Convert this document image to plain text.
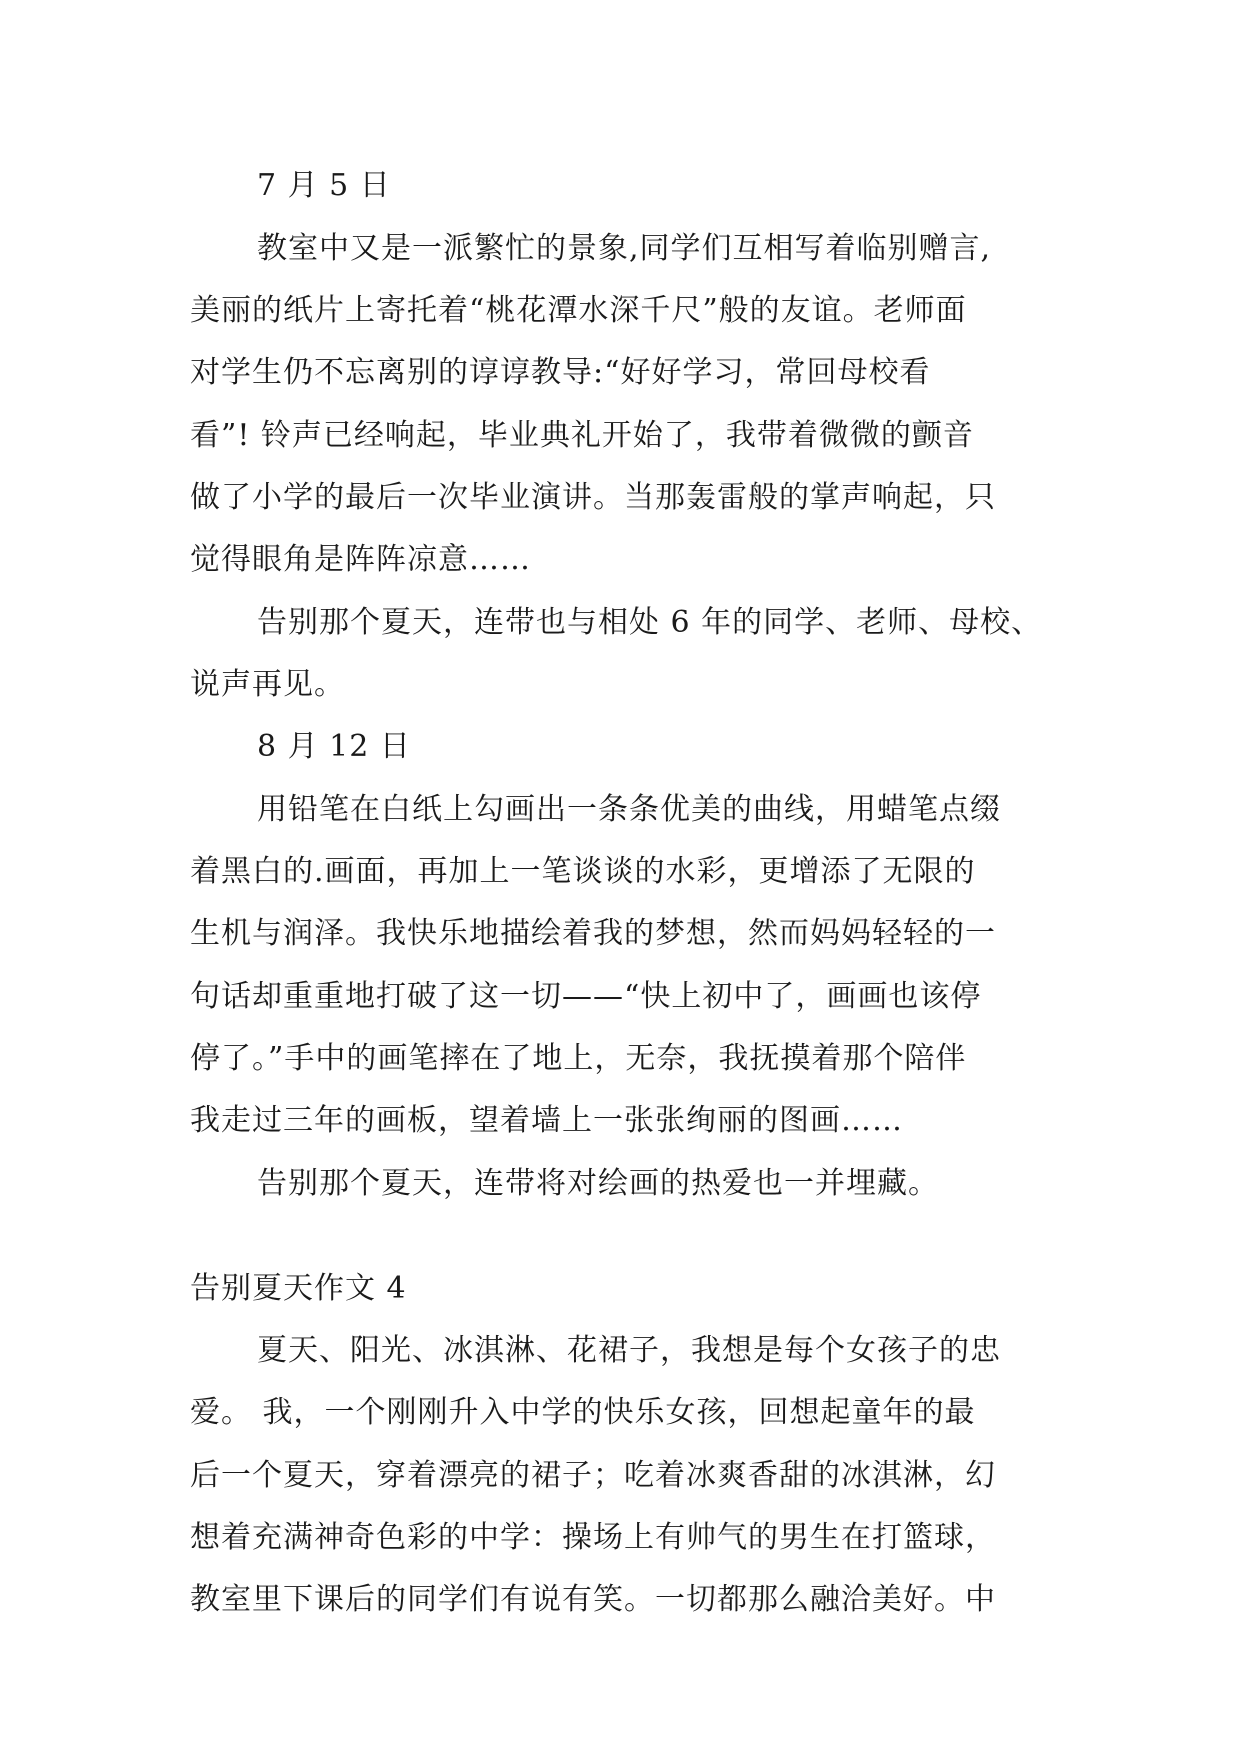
7 月 5 日
教室中又是一派繁忙的景象,同学们互相写着临别赠言,
美丽的纸片上寄托着“桃花潭水深千尺”般的友谊。老师面
对学生仍不忘离别的谆谆教导:“好好学习，常回母校看
看”! 铃声已经响起，毕业典礼开始了，我带着微微的颤音
做了小学的最后一次毕业演讲。当那轰雷般的掌声响起，只
觉得眼角是阵阵凉意……
告别那个夏天，连带也与相处 6 年的同学、老师、母校、
说声再见。
8 月 12 日
用铅笔在白纸上勾画出一条条优美的曲线，用蜡笔点缀
着黑白的.画面，再加上一笔谈谈的水彩，更增添了无限的
生机与润泽。我快乐地描绘着我的梦想，然而妈妈轻轻的一
句话却重重地打破了这一切——“快上初中了，画画也该停
停了。”手中的画笔摔在了地上，无奈，我抚摸着那个陪伴
我走过三年的画板，望着墙上一张张绚丽的图画……
告别那个夏天，连带将对绘画的热爱也一并埋藏。
告别夏天作文 4
夏天、阳光、冰淇淋、花裙子，我想是每个女孩子的忠
爱。 我，一个刚刚升入中学的快乐女孩，回想起童年的最
后一个夏天，穿着漂亮的裙子；吃着冰爽香甜的冰淇淋，幻
想着充满神奇色彩的中学：操场上有帅气的男生在打篮球，
教室里下课后的同学们有说有笑。一切都那么融洽美好。中
